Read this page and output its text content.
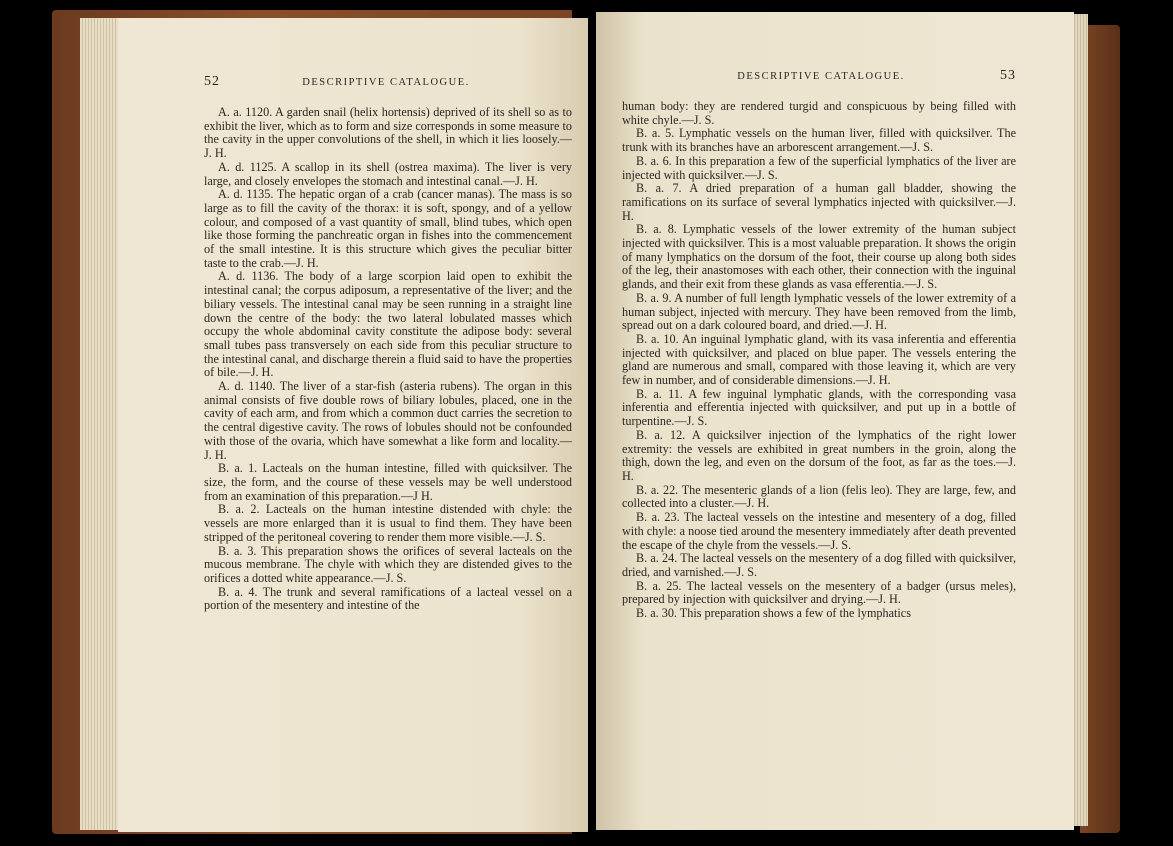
52	DESCRIPTIVE CATALOGUE.

A. a. 1120. A garden snail (helix hortensis) deprived of its shell so as to exhibit the liver, which as to form and size corresponds in some measure to the cavity in the upper convolutions of the shell, in which it lies loosely.—J. H.

A. d. 1125. A scallop in its shell (ostrea maxima). The liver is very large, and closely envelopes the stomach and intestinal canal.—J. H.

A. d. 1135. The hepatic organ of a crab (cancer manas). The mass is so large as to fill the cavity of the thorax: it is soft, spongy, and of a yellow colour, and composed of a vast quantity of small, blind tubes, which open like those forming the panchreatic organ in fishes into the commencement of the small intestine. It is this structure which gives the peculiar bitter taste to the crab.—J. H.

A. d. 1136. The body of a large scorpion laid open to exhibit the intestinal canal; the corpus adiposum, a representative of the liver; and the biliary vessels. The intestinal canal may be seen running in a straight line down the centre of the body: the two lateral lobulated masses which occupy the whole abdominal cavity constitute the adipose body: several small tubes pass transversely on each side from this peculiar structure to the intestinal canal, and discharge therein a fluid said to have the properties of bile.—J. H.

A. d. 1140. The liver of a star-fish (asteria rubens). The organ in this animal consists of five double rows of biliary lobules, placed, one in the cavity of each arm, and from which a common duct carries the secretion to the central digestive cavity. The rows of lobules should not be confounded with those of the ovaria, which have somewhat a like form and locality.—J. H.

B. a. 1. Lacteals on the human intestine, filled with quicksilver. The size, the form, and the course of these vessels may be well understood from an examination of this preparation.—J H.

B. a. 2. Lacteals on the human intestine distended with chyle: the vessels are more enlarged than it is usual to find them. They have been stripped of the peritoneal covering to render them more visible.—J. S.

B. a. 3. This preparation shows the orifices of several lacteals on the mucous membrane. The chyle with which they are distended gives to the orifices a dotted white appearance.—J. S.

B. a. 4. The trunk and several ramifications of a lacteal vessel on a portion of the mesentery and intestine of the

DESCRIPTIVE CATALOGUE.	53

human body: they are rendered turgid and conspicuous by being filled with white chyle.—J. S.

B. a. 5. Lymphatic vessels on the human liver, filled with quicksilver. The trunk with its branches have an arborescent arrangement.—J. S.

B. a. 6. In this preparation a few of the superficial lymphatics of the liver are injected with quicksilver.—J. S.

B. a. 7. A dried preparation of a human gall bladder, showing the ramifications on its surface of several lymphatics injected with quicksilver.—J. H.

B. a. 8. Lymphatic vessels of the lower extremity of the human subject injected with quicksilver. This is a most valuable preparation. It shows the origin of many lymphatics on the dorsum of the foot, their course up along both sides of the leg, their anastomoses with each other, their connection with the inguinal glands, and their exit from these glands as vasa efferentia.—J. S.

B. a. 9. A number of full length lymphatic vessels of the lower extremity of a human subject, injected with mercury. They have been removed from the limb, spread out on a dark coloured board, and dried.—J. H.

B. a. 10. An inguinal lymphatic gland, with its vasa inferentia and efferentia injected with quicksilver, and placed on blue paper. The vessels entering the gland are numerous and small, compared with those leaving it, which are very few in number, and of considerable dimensions.—J. H.

B. a. 11. A few inguinal lymphatic glands, with the corresponding vasa inferentia and efferentia injected with quicksilver, and put up in a bottle of turpentine.—J. S.

B. a. 12. A quicksilver injection of the lymphatics of the right lower extremity: the vessels are exhibited in great numbers in the groin, along the thigh, down the leg, and even on the dorsum of the foot, as far as the toes.—J. H.

B. a. 22. The mesenteric glands of a lion (felis leo). They are large, few, and collected into a cluster.—J. H.

B. a. 23. The lacteal vessels on the intestine and mesentery of a dog, filled with chyle: a noose tied around the mesentery immediately after death prevented the escape of the chyle from the vessels.—J. S.

B. a. 24. The lacteal vessels on the mesentery of a dog filled with quicksilver, dried, and varnished.—J. S.

B. a. 25. The lacteal vessels on the mesentery of a badger (ursus meles), prepared by injection with quicksilver and drying.—J. H.

B. a. 30. This preparation shows a few of the lymphatics
